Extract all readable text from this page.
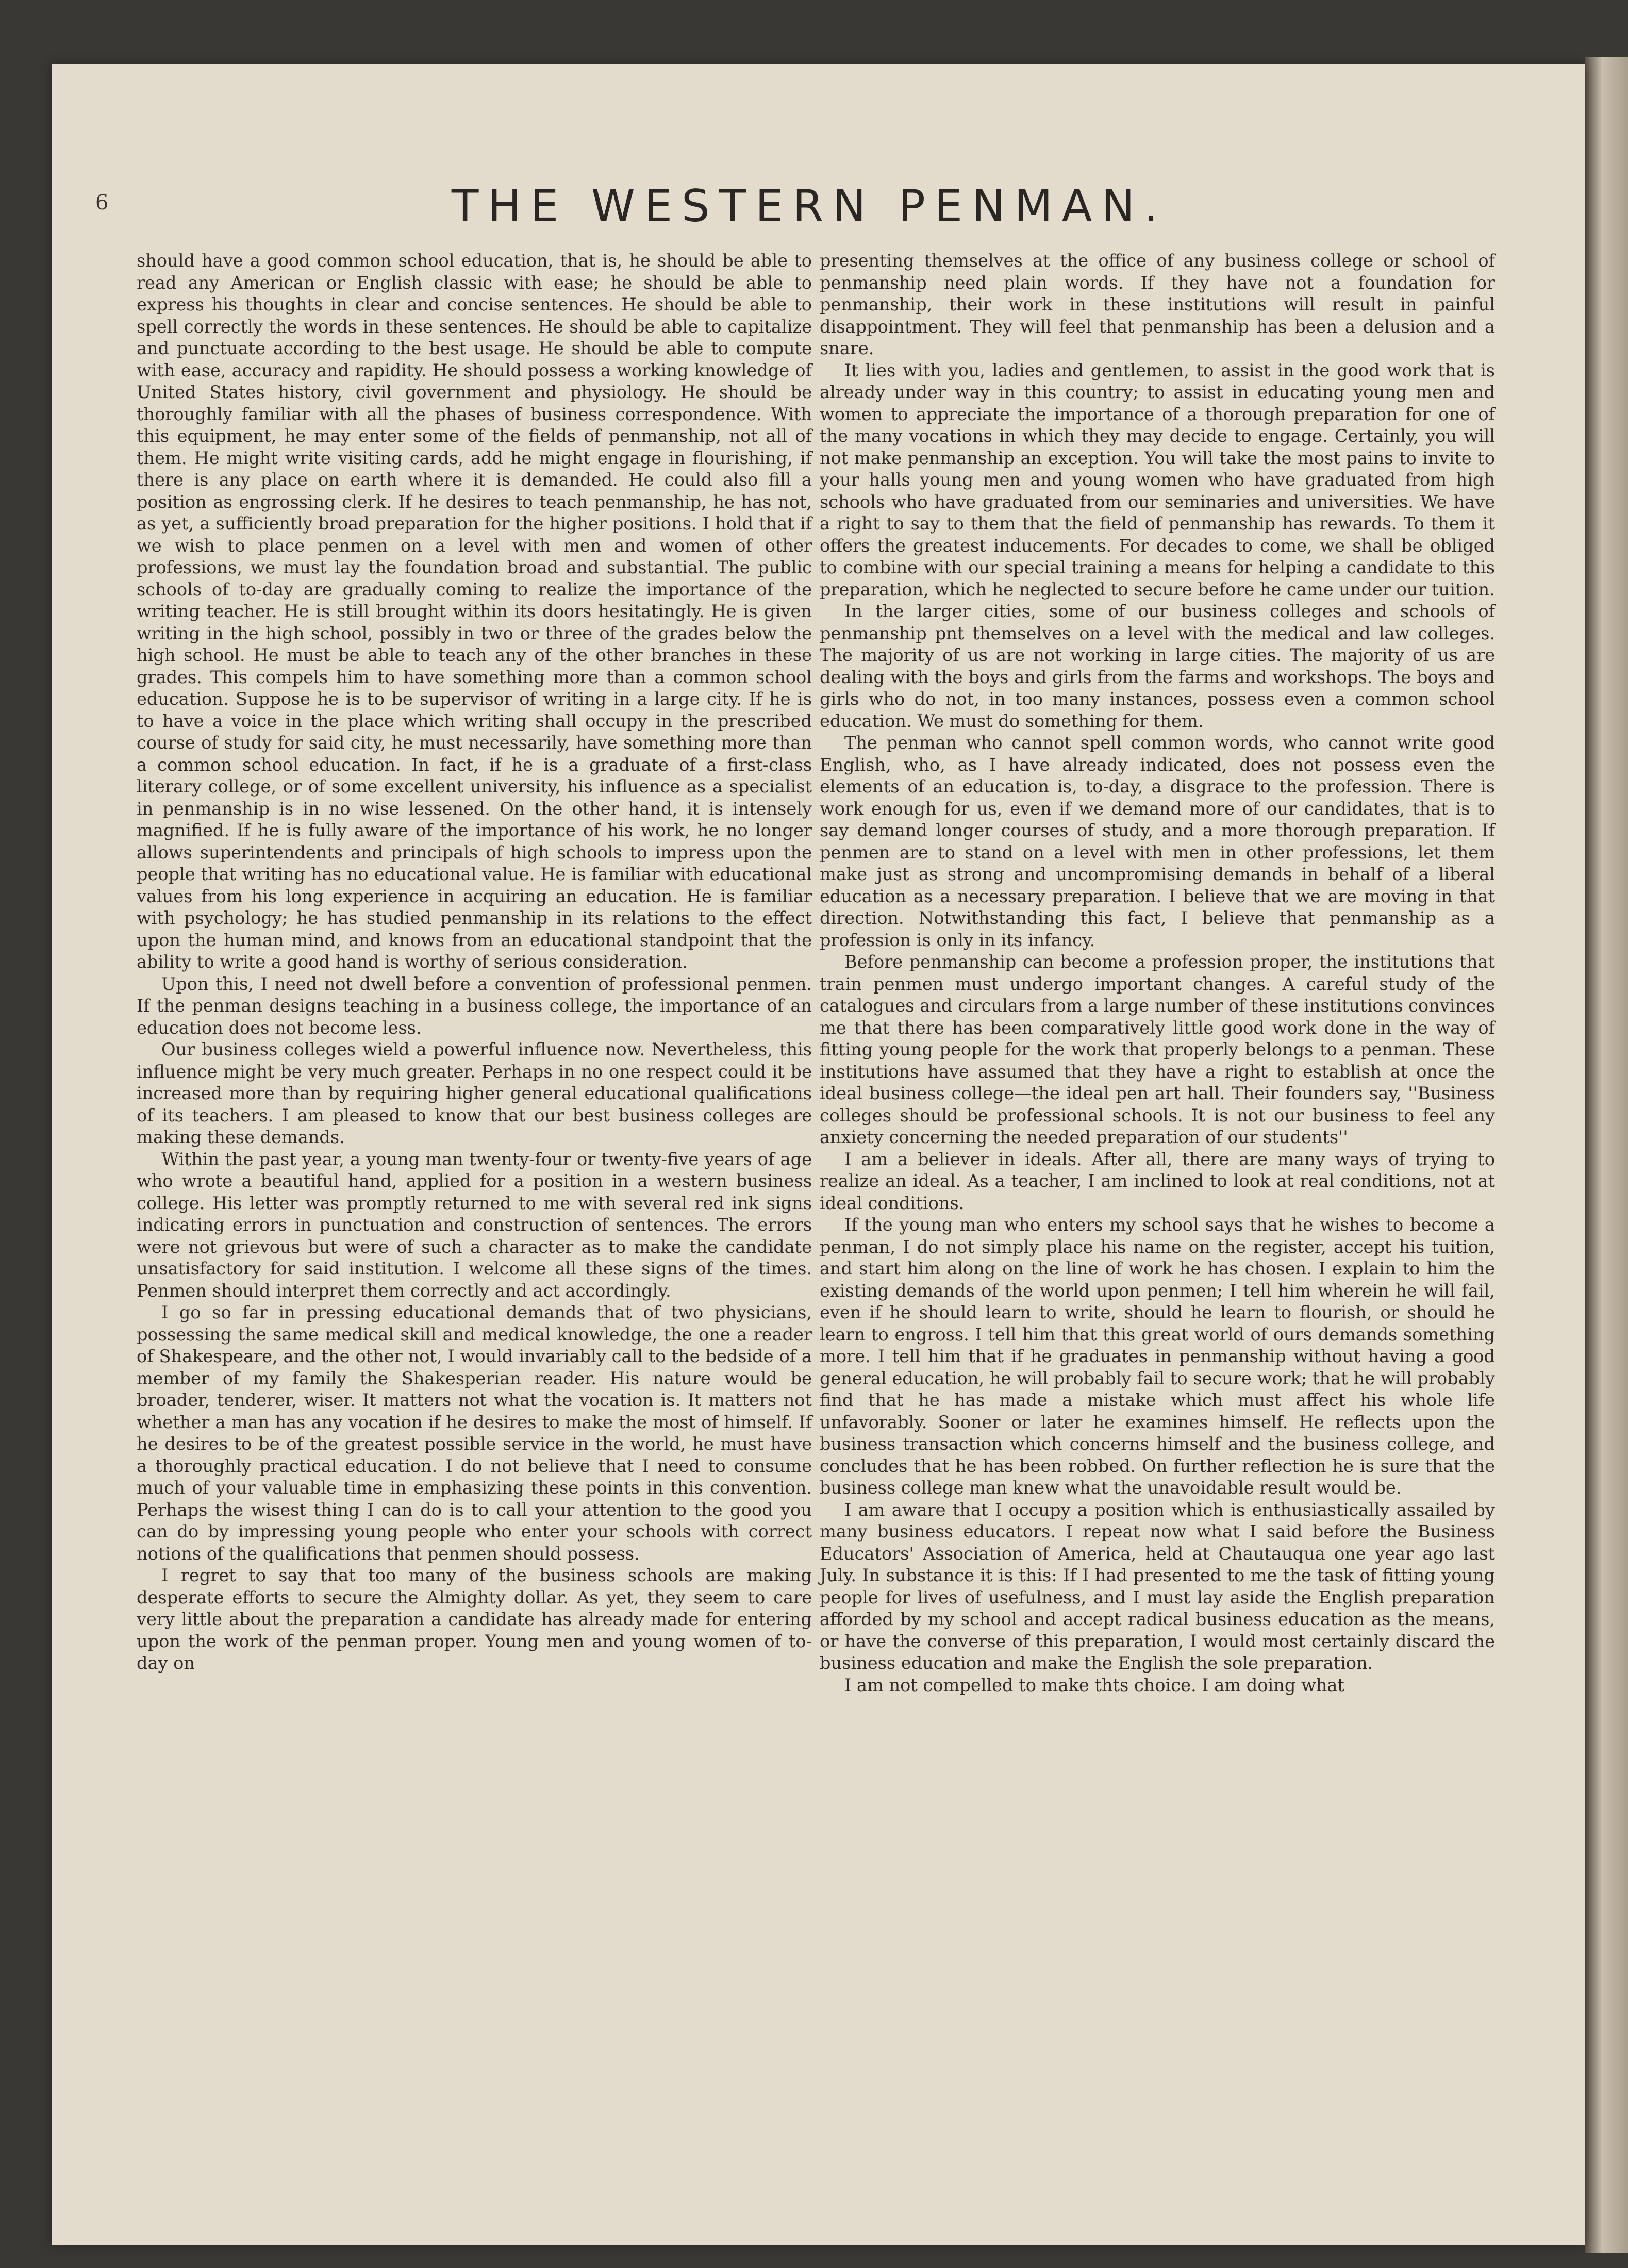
6	THE WESTERN PENMAN.

should have a good common school education, that is, he should be able to read any American or English classic with ease; he should be able to express his thoughts in clear and concise sentences. He should be able to spell correctly the words in these sentences. He should be able to capitalize and punctuate according to the best usage. He should be able to compute with ease, accuracy and rapidity. He should possess a working knowledge of United States history, civil government and physiology. He should be thoroughly familiar with all the phases of business correspondence. With this equipment, he may enter some of the fields of penmanship, not all of them. He might write visiting cards, add he might engage in flourishing, if there is any place on earth where it is demanded. He could also fill a position as engrossing clerk. If he desires to teach penmanship, he has not, as yet, a sufficiently broad preparation for the higher positions. I hold that if we wish to place penmen on a level with men and women of other professions, we must lay the foundation broad and substantial. The public schools of to-day are gradually coming to realize the importance of the writing teacher. He is still brought within its doors hesitatingly. He is given writing in the high school, possibly in two or three of the grades below the high school. He must be able to teach any of the other branches in these grades. This compels him to have something more than a common school education. Suppose he is to be supervisor of writing in a large city. If he is to have a voice in the place which writing shall occupy in the prescribed course of study for said city, he must necessarily, have something more than a common school education. In fact, if he is a graduate of a first-class literary college, or of some excellent university, his influence as a specialist in penmanship is in no wise lessened. On the other hand, it is intensely magnified. If he is fully aware of the importance of his work, he no longer allows superintendents and principals of high schools to impress upon the people that writing has no educational value. He is familiar with educational values from his long experience in acquiring an education. He is familiar with psychology; he has studied penmanship in its relations to the effect upon the human mind, and knows from an educational standpoint that the ability to write a good hand is worthy of serious consideration.

Upon this, I need not dwell before a convention of professional penmen. If the penman designs teaching in a business college, the importance of an education does not become less.

Our business colleges wield a powerful influence now. Nevertheless, this influence might be very much greater. Perhaps in no one respect could it be increased more than by requiring higher general educational qualifications of its teachers. I am pleased to know that our best business colleges are making these demands.

Within the past year, a young man twenty-four or twenty-five years of age who wrote a beautiful hand, applied for a position in a western business college. His letter was promptly returned to me with several red ink signs indicating errors in punctuation and construction of sentences. The errors were not grievous but were of such a character as to make the candidate unsatisfactory for said institution. I welcome all these signs of the times. Penmen should interpret them correctly and act accordingly.

I go so far in pressing educational demands that of two physicians, possessing the same medical skill and medical knowledge, the one a reader of Shakespeare, and the other not, I would invariably call to the bedside of a member of my family the Shakesperian reader. His nature would be broader, tenderer, wiser. It matters not what the vocation is. It matters not whether a man has any vocation if he desires to make the most of himself. If he desires to be of the greatest possible service in the world, he must have a thoroughly practical education. I do not believe that I need to consume much of your valuable time in emphasizing these points in this convention. Perhaps the wisest thing I can do is to call your attention to the good you can do by impressing young people who enter your schools with correct notions of the qualifications that penmen should possess.

I regret to say that too many of the business schools are making desperate efforts to secure the Almighty dollar. As yet, they seem to care very little about the preparation a candidate has already made for entering upon the work of the penman proper. Young men and young women of to-day on

presenting themselves at the office of any business college or school of penmanship need plain words. If they have not a foundation for penmanship, their work in these institutions will result in painful disappointment. They will feel that penmanship has been a delusion and a snare.

It lies with you, ladies and gentlemen, to assist in the good work that is already under way in this country; to assist in educating young men and women to appreciate the importance of a thorough preparation for one of the many vocations in which they may decide to engage. Certainly, you will not make penmanship an exception. You will take the most pains to invite to your halls young men and young women who have graduated from high schools who have graduated from our seminaries and universities. We have a right to say to them that the field of penmanship has rewards. To them it offers the greatest inducements. For decades to come, we shall be obliged to combine with our special training a means for helping a candidate to this preparation, which he neglected to secure before he came under our tuition.

In the larger cities, some of our business colleges and schools of penmanship pnt themselves on a level with the medical and law colleges. The majority of us are not working in large cities. The majority of us are dealing with the boys and girls from the farms and workshops. The boys and girls who do not, in too many instances, possess even a common school education. We must do something for them.

The penman who cannot spell common words, who cannot write good English, who, as I have already indicated, does not possess even the elements of an education is, to-day, a disgrace to the profession. There is work enough for us, even if we demand more of our candidates, that is to say demand longer courses of study, and a more thorough preparation. If penmen are to stand on a level with men in other professions, let them make just as strong and uncompromising demands in behalf of a liberal education as a necessary preparation. I believe that we are moving in that direction. Notwithstanding this fact, I believe that penmanship as a profession is only in its infancy.

Before penmanship can become a profession proper, the institutions that train penmen must undergo important changes. A careful study of the catalogues and circulars from a large number of these institutions convinces me that there has been comparatively little good work done in the way of fitting young people for the work that properly belongs to a penman. These institutions have assumed that they have a right to establish at once the ideal business college—the ideal pen art hall. Their founders say, ''Business colleges should be professional schools. It is not our business to feel any anxiety concerning the needed preparation of our students''

I am a believer in ideals. After all, there are many ways of trying to realize an ideal. As a teacher, I am inclined to look at real conditions, not at ideal conditions.

If the young man who enters my school says that he wishes to become a penman, I do not simply place his name on the register, accept his tuition, and start him along on the line of work he has chosen. I explain to him the existing demands of the world upon penmen; I tell him wherein he will fail, even if he should learn to write, should he learn to flourish, or should he learn to engross. I tell him that this great world of ours demands something more. I tell him that if he graduates in penmanship without having a good general education, he will probably fail to secure work; that he will probably find that he has made a mistake which must affect his whole life unfavorably. Sooner or later he examines himself. He reflects upon the business transaction which concerns himself and the business college, and concludes that he has been robbed. On further reflection he is sure that the business college man knew what the unavoidable result would be.

I am aware that I occupy a position which is enthusiastically assailed by many business educators. I repeat now what I said before the Business Educators' Association of America, held at Chautauqua one year ago last July. In substance it is this: If I had presented to me the task of fitting young people for lives of usefulness, and I must lay aside the English preparation afforded by my school and accept radical business education as the means, or have the converse of this preparation, I would most certainly discard the business education and make the English the sole preparation.

I am not compelled to make thts choice. I am doing what
